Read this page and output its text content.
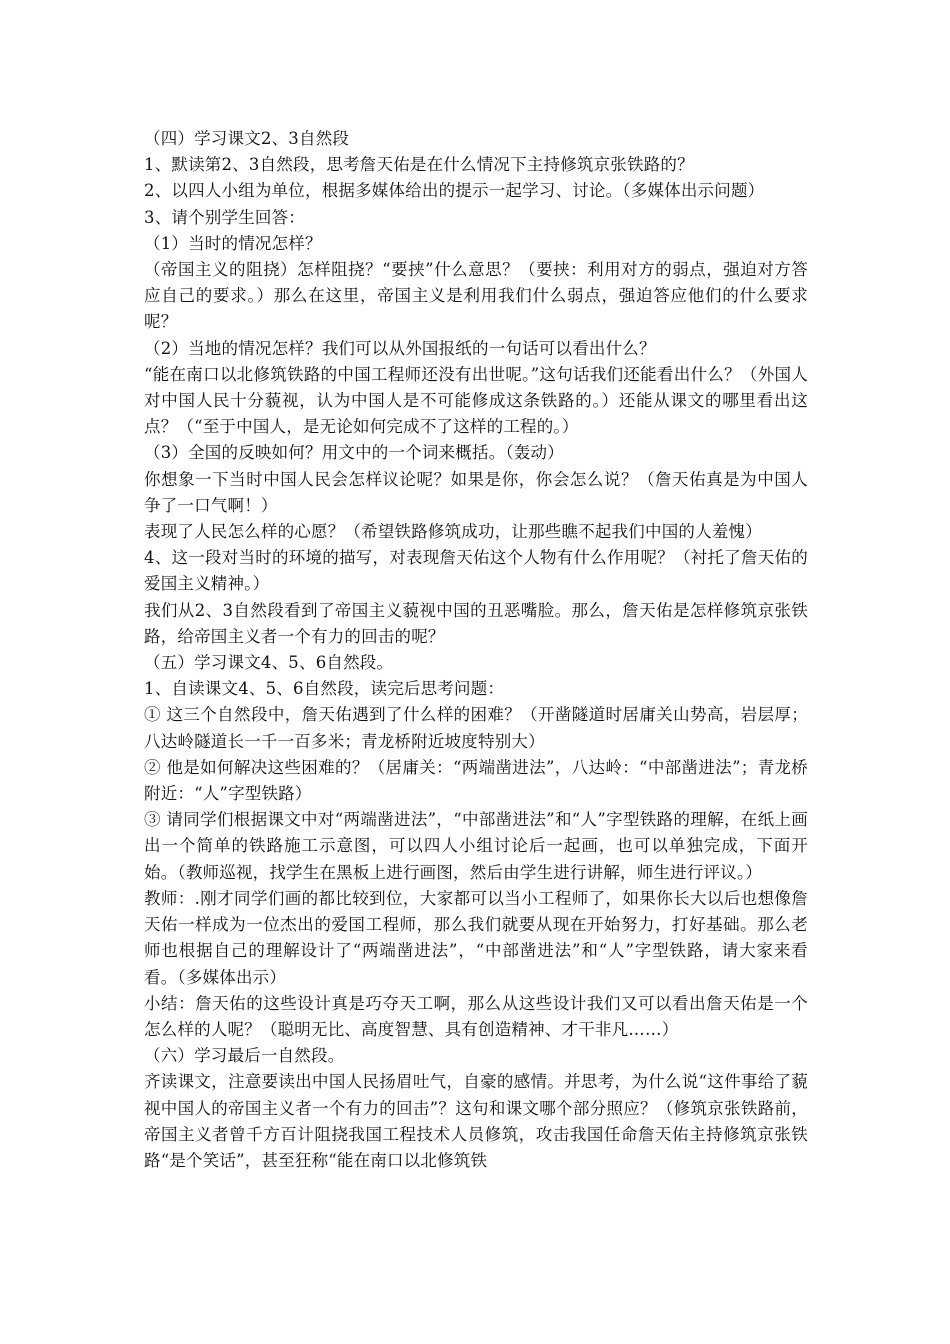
（四）学习课文2、3自然段

1、默读第2、3自然段，思考詹天佑是在什么情况下主持修筑京张铁路的？

2、以四人小组为单位，根据多媒体给出的提示一起学习、讨论。（多媒体出示问题）

3、请个别学生回答：

（1）当时的情况怎样？

（帝国主义的阻挠）怎样阻挠？“要挟”什么意思？（要挟：利用对方的弱点，强迫对方答应自己的要求。）那么在这里，帝国主义是利用我们什么弱点，强迫答应他们的什么要求呢？

（2）当地的情况怎样？我们可以从外国报纸的一句话可以看出什么？

“能在南口以北修筑铁路的中国工程师还没有出世呢。”这句话我们还能看出什么？（外国人对中国人民十分藐视，认为中国人是不可能修成这条铁路的。）还能从课文的哪里看出这点？（“至于中国人，是无论如何完成不了这样的工程的。）

（3）全国的反映如何？用文中的一个词来概括。（轰动）

你想象一下当时中国人民会怎样议论呢？如果是你，你会怎么说？（詹天佑真是为中国人争了一口气啊！）

表现了人民怎么样的心愿？（希望铁路修筑成功，让那些瞧不起我们中国的人羞愧）

4、这一段对当时的环境的描写，对表现詹天佑这个人物有什么作用呢？（衬托了詹天佑的爱国主义精神。）

我们从2、3自然段看到了帝国主义藐视中国的丑恶嘴脸。那么，詹天佑是怎样修筑京张铁路，给帝国主义者一个有力的回击的呢？

（五）学习课文4、5、6自然段。

1、自读课文4、5、6自然段，读完后思考问题：

① 这三个自然段中，詹天佑遇到了什么样的困难？（开凿隧道时居庸关山势高，岩层厚；八达岭隧道长一千一百多米；青龙桥附近坡度特别大）

② 他是如何解决这些困难的？（居庸关：“两端凿进法”，八达岭：“中部凿进法”；青龙桥附近：“人”字型铁路）

③ 请同学们根据课文中对“两端凿进法”，“中部凿进法”和“人”字型铁路的理解，在纸上画出一个简单的铁路施工示意图，可以四人小组讨论后一起画，也可以单独完成，下面开始。（教师巡视，找学生在黑板上进行画图，然后由学生进行讲解，师生进行评议。）

教师：.刚才同学们画的都比较到位，大家都可以当小工程师了，如果你长大以后也想像詹天佑一样成为一位杰出的爱国工程师，那么我们就要从现在开始努力，打好基础。那么老师也根据自己的理解设计了“两端凿进法”，“中部凿进法”和“人”字型铁路，请大家来看看。（多媒体出示）

小结：詹天佑的这些设计真是巧夺天工啊，那么从这些设计我们又可以看出詹天佑是一个怎么样的人呢？（聪明无比、高度智慧、具有创造精神、才干非凡……）

（六）学习最后一自然段。

齐读课文，注意要读出中国人民扬眉吐气，自豪的感情。并思考，为什么说“这件事给了藐视中国人的帝国主义者一个有力的回击”？这句和课文哪个部分照应？（修筑京张铁路前，帝国主义者曾千方百计阻挠我国工程技术人员修筑，攻击我国任命詹天佑主持修筑京张铁路“是个笑话”，甚至狂称“能在南口以北修筑铁
